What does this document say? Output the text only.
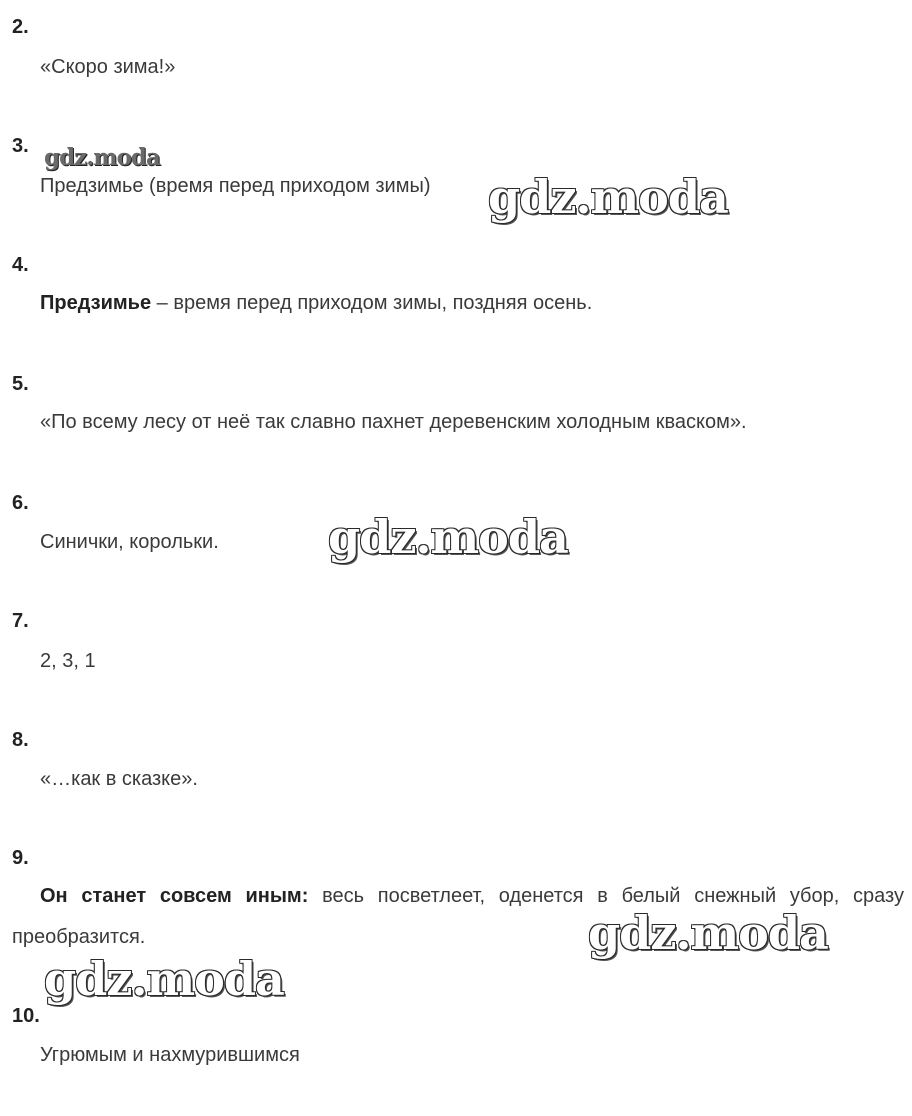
2.
«Скоро зима!»
3.
Предзимье (время перед приходом зимы)
4.
Предзимье – время перед приходом зимы, поздняя осень.
5.
«По всему лесу от неё так славно пахнет деревенским холодным кваском».
6.
Синички, корольки.
7.
2, 3, 1
8.
«…как в сказке».
9.

Он станет совсем иным: весь посветлеет, оденется в белый снежный убор, сразу преобразится.

10.
Угрюмым и нахмурившимся
gdz.moda
gdz.moda
gdz.moda
gdz.moda
gdz.moda
